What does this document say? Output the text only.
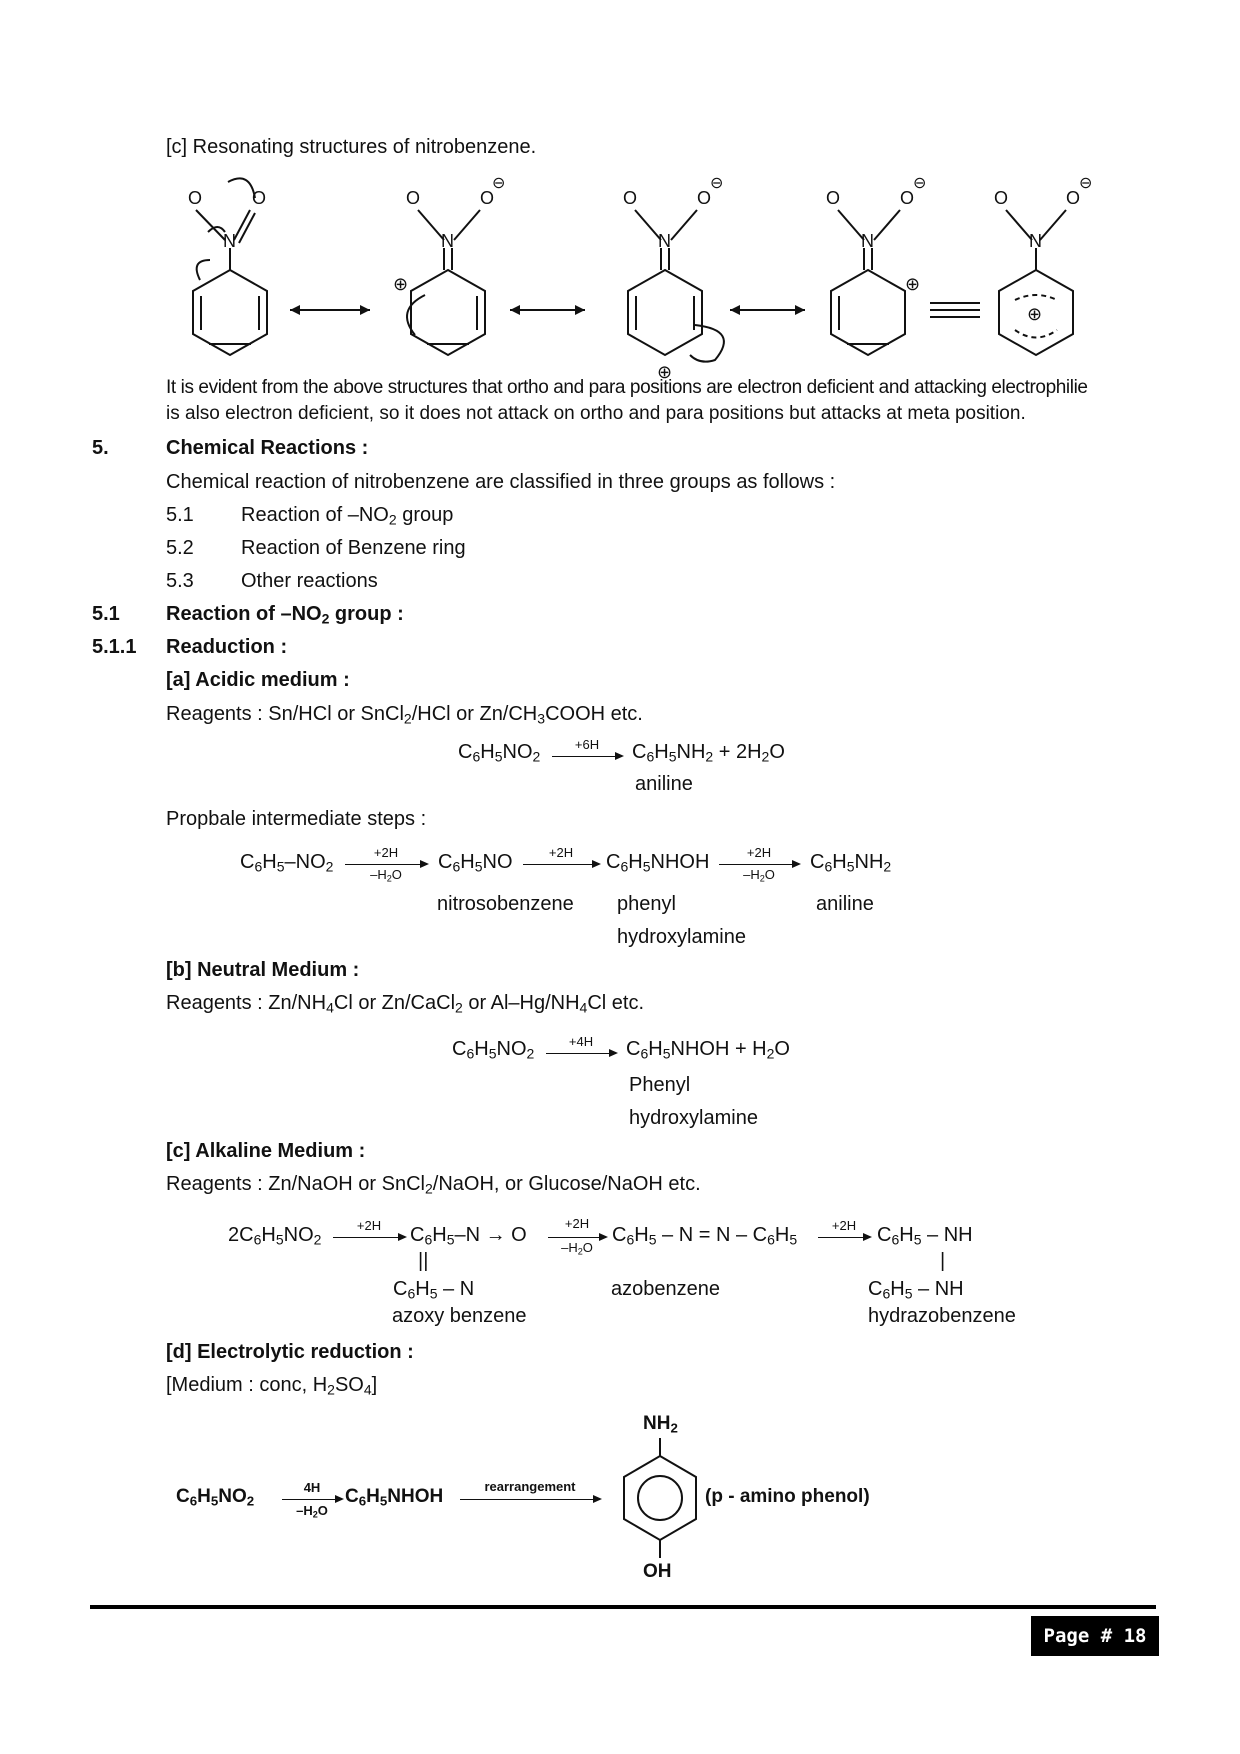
[c] Resonating structures of nitrobenzene.
O	O
N
O	O
⊖
N
⊕
O	O
⊖
N
⊕
O	O
⊖
N
⊕
O	O
⊖
N
⊕
It is evident from the above structures that ortho and para positions are electron deficient and attacking electrophilie
is also electron deficient, so it does not attack on ortho and para positions but attacks at meta position.
5.	Chemical Reactions :
Chemical reaction of nitrobenzene are classified in three groups as follows :
5.1 Reaction of $-NO_2$ group
5.2 Reaction of Benzene ring
5.3 Other reactions
5.1 Reaction of $-NO_2$ group :
5.1.1 Readuction :
[a] Acidic medium :
Reagents : Sn/HCl or SnCl$_2$/HCl or $Zn/CH_3COOH$ etc.
$C_6H_5NO_2$
$+6H \to C_6H_5NH_2 + 2H_2O$
aniline
Propbale intermediate steps :
$C_6H_5-NO_2$
+2H
$-H_2O$
$C_6H_5NO$	$+2H \to C_6H_5NHOH$	+2H
$-H_2O$
$C_6H_5NH_2$
nitrosobenzene phenyl
hydroxylamine
aniline
[b] Neutral Medium :
Reagents : $Zn/NH_4Cl$ or Zn/CaCl$_2$ or $Al-Hg/NH_4Cl$ etc.
$C_6H_5NO_2$
$+4H \to C_6H_5NHOH + H_2O$
Phenyl
hydroxylamine
[c] Alkaline Medium :
Reagents : Zn/NaOH or SnCl$_2$/NaOH, or Glucose/NaOH etc.
$2C_6H_5NO_2$
$+2H \to C_6H_5-N \to O$
||
$C_6H_5$ – N
azoxy benzene
+2H
$-H_2O$
$C_6H_5 - N = N - C_6H_5$
azobenzene
$+2H \to C_6H_5$ – NH
|
$C_6H_5$ – NH
hydrazobenzene
[d] Electrolytic reduction :
[Medium : conc, $H_2SO_4$]
$C_6H_5NO_2$
4H
$-H_2O$
$C_6H_5NHOH$	rearrangement
$NH_2$
OH
(p - amino phenol)
Page # 18
